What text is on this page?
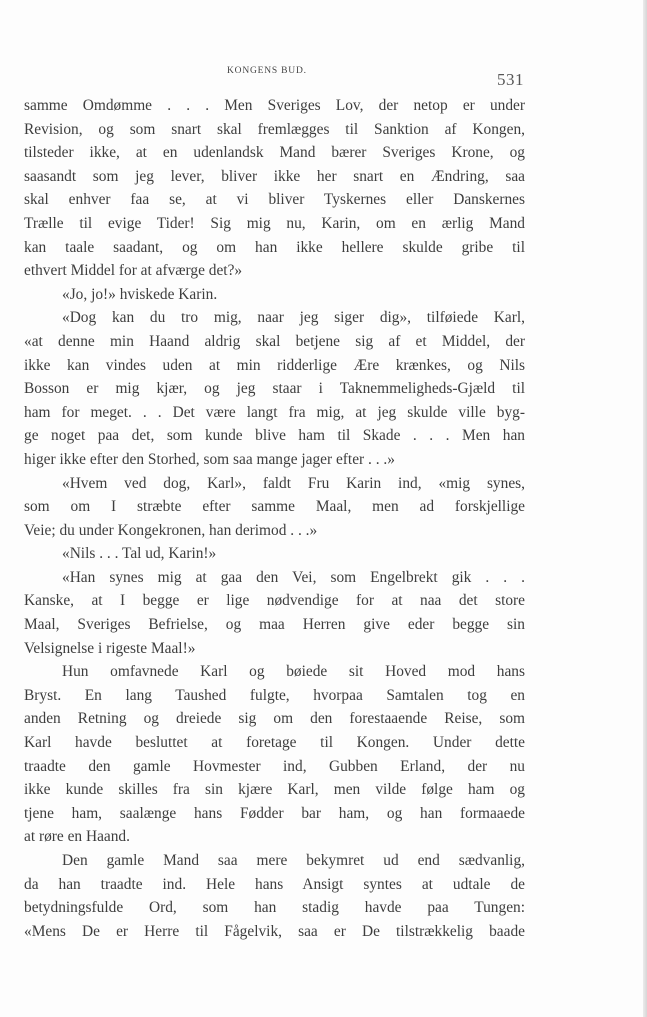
KONGENS BUD.	531
samme Omdømme . . . Men Sveriges Lov, der netop er under
Revision, og som snart skal fremlægges til Sanktion af Kongen,
tilsteder ikke, at en udenlandsk Mand bærer Sveriges Krone, og
saasandt som jeg lever, bliver ikke her snart en Ændring, saa
skal enhver faa se, at vi bliver Tyskernes eller Danskernes
Trælle til evige Tider! Sig mig nu, Karin, om en ærlig Mand
kan taale saadant, og om han ikke hellere skulde gribe til
ethvert Middel for at afværge det?»
«Jo, jo!» hviskede Karin.
«Dog kan du tro mig, naar jeg siger dig», tilføiede Karl,
«at denne min Haand aldrig skal betjene sig af et Middel, der
ikke kan vindes uden at min ridderlige Ære krænkes, og Nils
Bosson er mig kjær, og jeg staar i Taknemmeligheds-Gjæld til
ham for meget. . . Det være langt fra mig, at jeg skulde ville byg-
ge noget paa det, som kunde blive ham til Skade . . . Men han
higer ikke efter den Storhed, som saa mange jager efter . . .»
«Hvem ved dog, Karl», faldt Fru Karin ind, «mig synes,
som om I stræbte efter samme Maal, men ad forskjellige
Veie; du under Kongekronen, han derimod . . .»
«Nils . . . Tal ud, Karin!»
«Han synes mig at gaa den Vei, som Engelbrekt gik . . .
Kanske, at I begge er lige nødvendige for at naa det store
Maal, Sveriges Befrielse, og maa Herren give eder begge sin
Velsignelse i rigeste Maal!»
Hun omfavnede Karl og bøiede sit Hoved mod hans
Bryst. En lang Taushed fulgte, hvorpaa Samtalen tog en
anden Retning og dreiede sig om den forestaaende Reise, som
Karl havde besluttet at foretage til Kongen. Under dette
traadte den gamle Hovmester ind, Gubben Erland, der nu
ikke kunde skilles fra sin kjære Karl, men vilde følge ham og
tjene ham, saalænge hans Fødder bar ham, og han formaaede
at røre en Haand.
Den gamle Mand saa mere bekymret ud end sædvanlig,
da han traadte ind. Hele hans Ansigt syntes at udtale de
betydningsfulde Ord, som han stadig havde paa Tungen:
«Mens De er Herre til Fågelvik, saa er De tilstrækkelig baade
